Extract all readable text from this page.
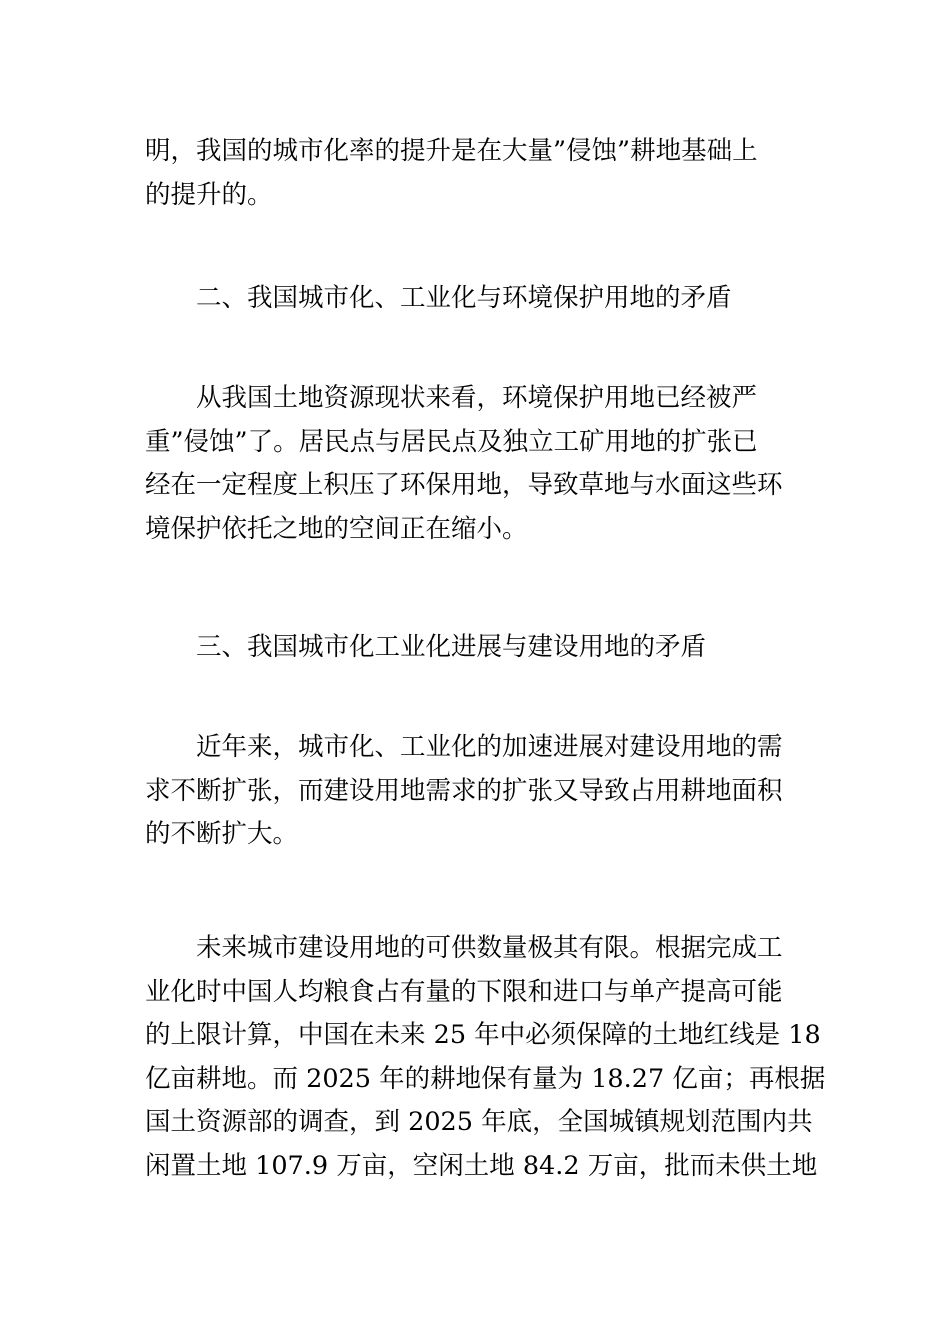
明，我国的城市化率的提升是在大量”侵蚀”耕地基础上
的提升的。

二、我国城市化、工业化与环境保护用地的矛盾

从我国土地资源现状来看，环境保护用地已经被严
重”侵蚀”了。居民点与居民点及独立工矿用地的扩张已
经在一定程度上积压了环保用地，导致草地与水面这些环
境保护依托之地的空间正在缩小。

三、我国城市化工业化进展与建设用地的矛盾

近年来，城市化、工业化的加速进展对建设用地的需
求不断扩张，而建设用地需求的扩张又导致占用耕地面积
的不断扩大。

未来城市建设用地的可供数量极其有限。根据完成工
业化时中国人均粮食占有量的下限和进口与单产提高可能
的上限计算，中国在未来 25 年中必须保障的土地红线是 18
亿亩耕地。而 2025 年的耕地保有量为 18.27 亿亩；再根据
国土资源部的调查，到 2025 年底，全国城镇规划范围内共
闲置土地 107.9 万亩，空闲土地 84.2 万亩，批而未供土地
